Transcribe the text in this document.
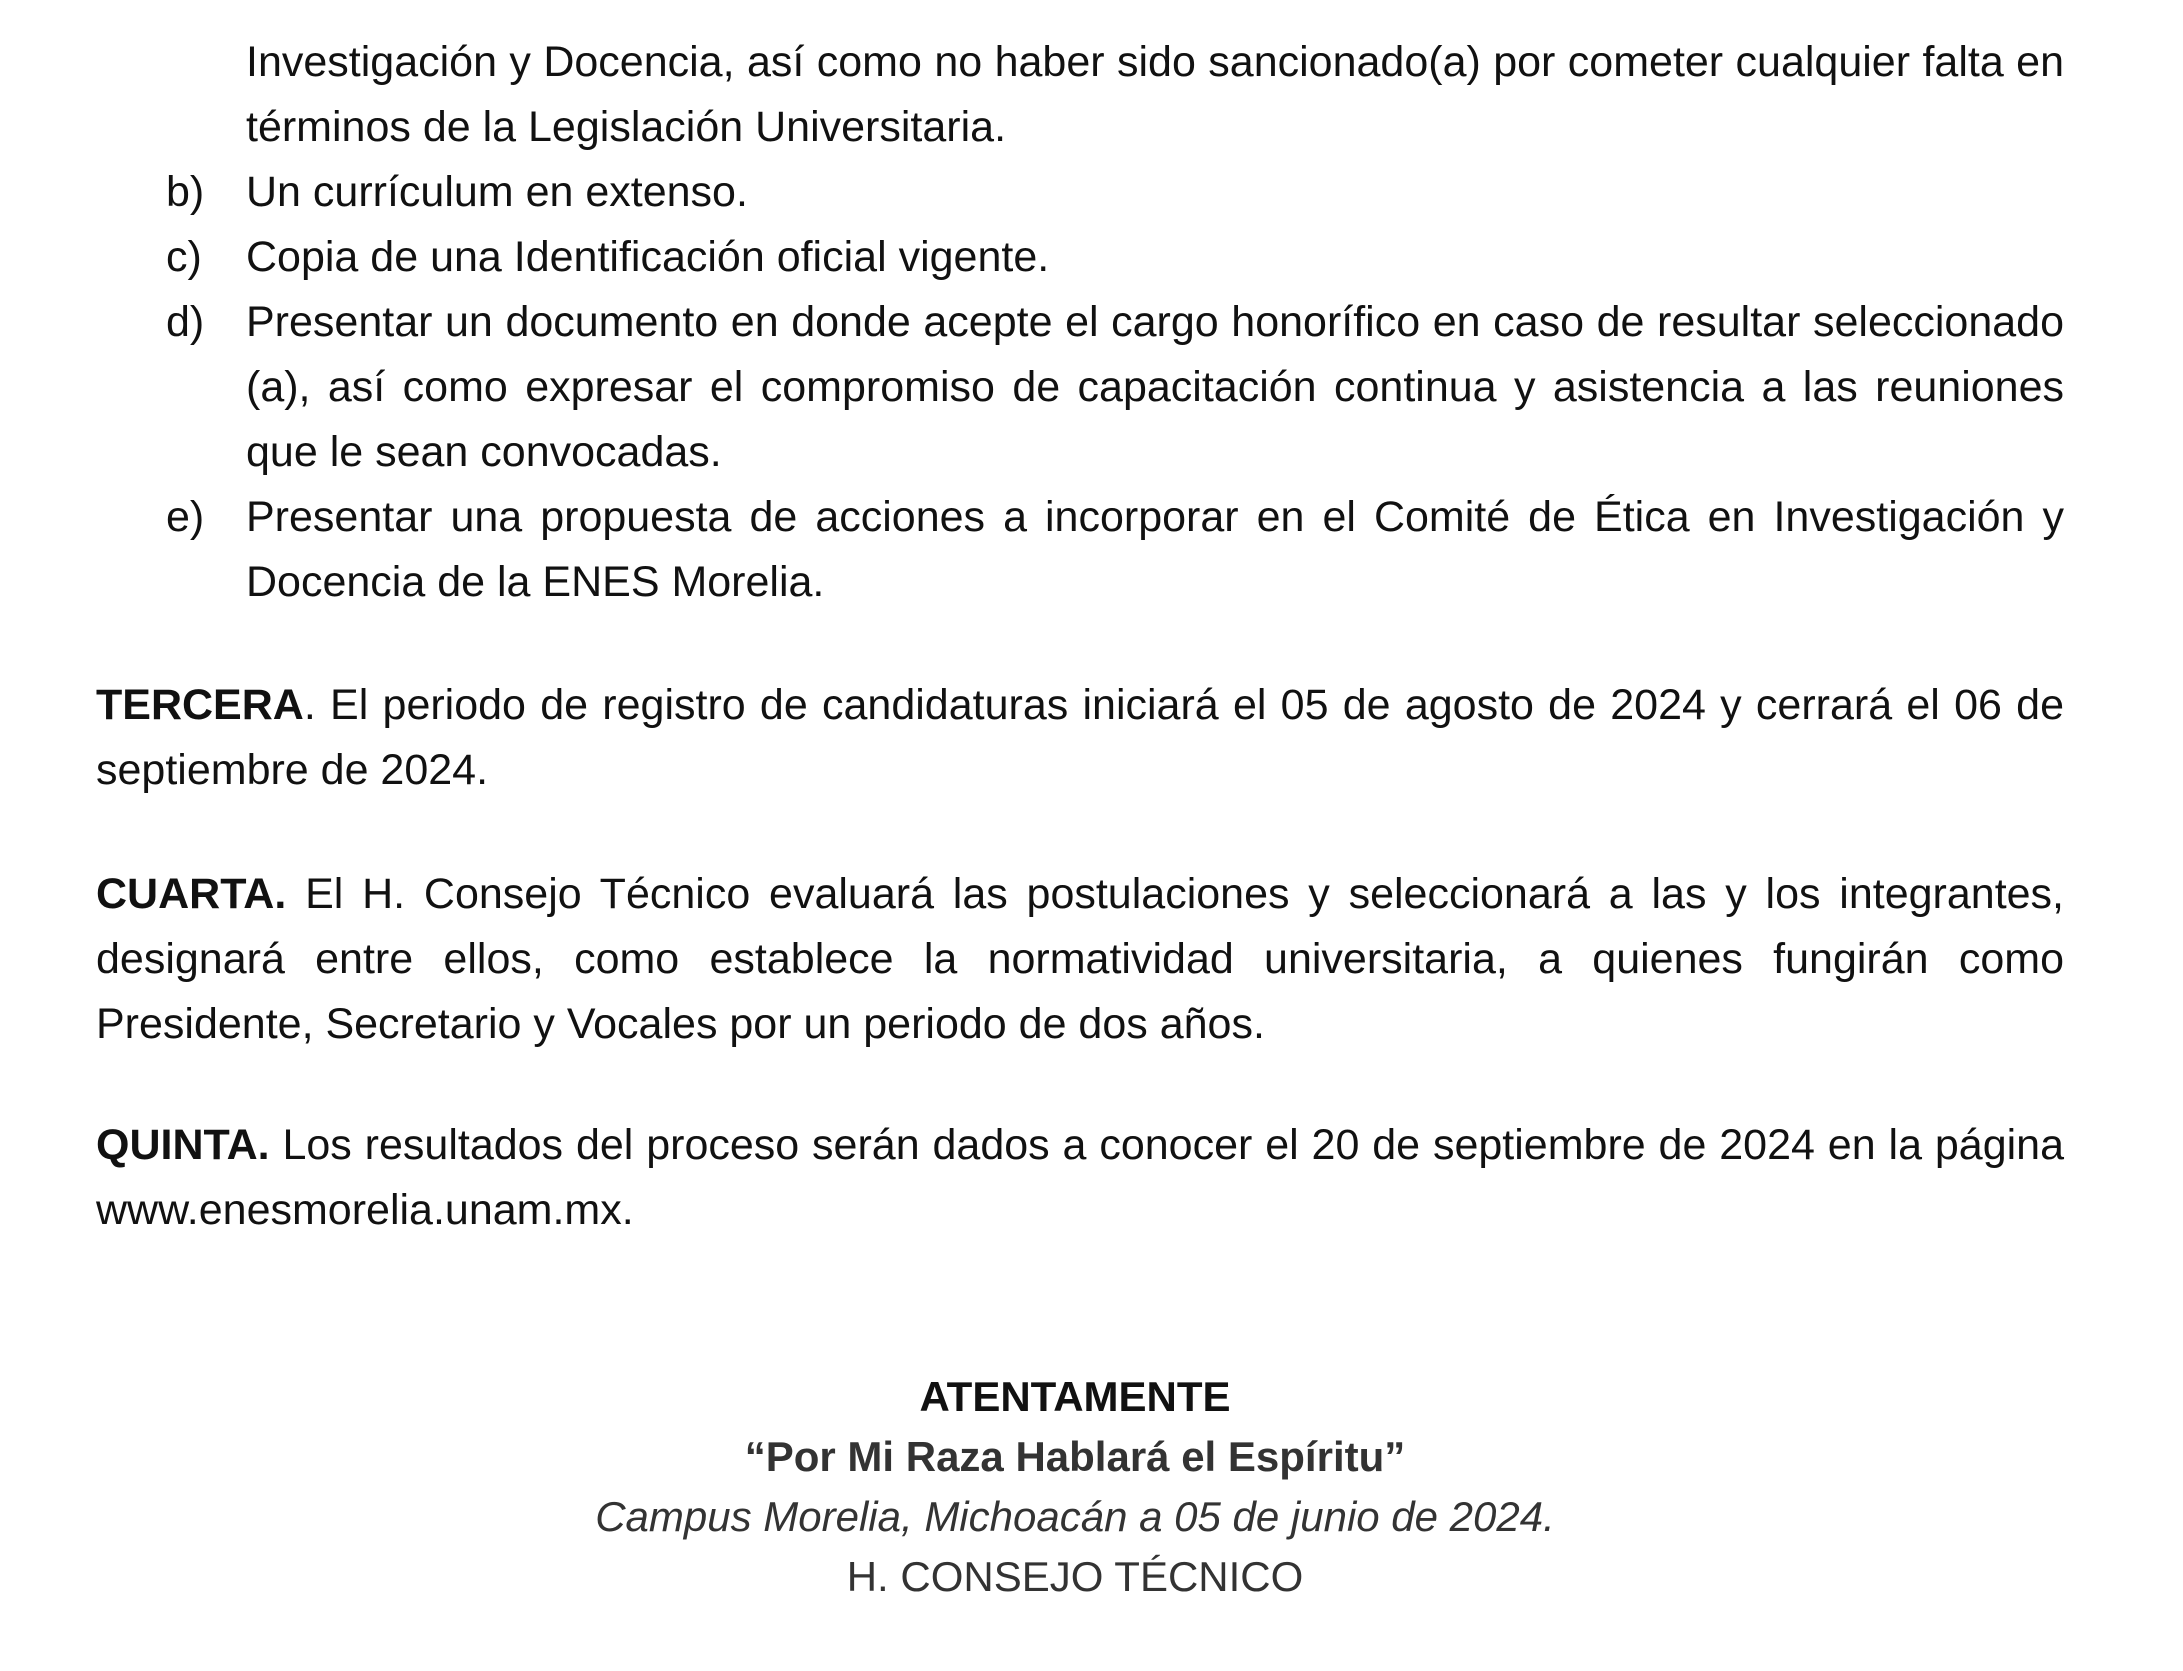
Investigación y Docencia, así como no haber sido sancionado(a) por cometer cualquier falta en términos de la Legislación Universitaria.
b) Un currículum en extenso.
c) Copia de una Identificación oficial vigente.
d) Presentar un documento en donde acepte el cargo honorífico en caso de resultar seleccionado (a), así como expresar el compromiso de capacitación continua y asistencia a las reuniones que le sean convocadas.
e) Presentar una propuesta de acciones a incorporar en el Comité de Ética en Investigación y Docencia de la ENES Morelia.
TERCERA. El periodo de registro de candidaturas iniciará el 05 de agosto de 2024 y cerrará el 06 de septiembre de 2024.
CUARTA. El H. Consejo Técnico evaluará las postulaciones y seleccionará a las y los integrantes, designará entre ellos, como establece la normatividad universitaria, a quienes fungirán como Presidente, Secretario y Vocales por un periodo de dos años.
QUINTA. Los resultados del proceso serán dados a conocer el 20 de septiembre de 2024 en la página www.enesmorelia.unam.mx.
ATENTAMENTE
“Por Mi Raza Hablará el Espíritu”
Campus Morelia, Michoacán a 05 de junio de 2024.
H. CONSEJO TÉCNICO
